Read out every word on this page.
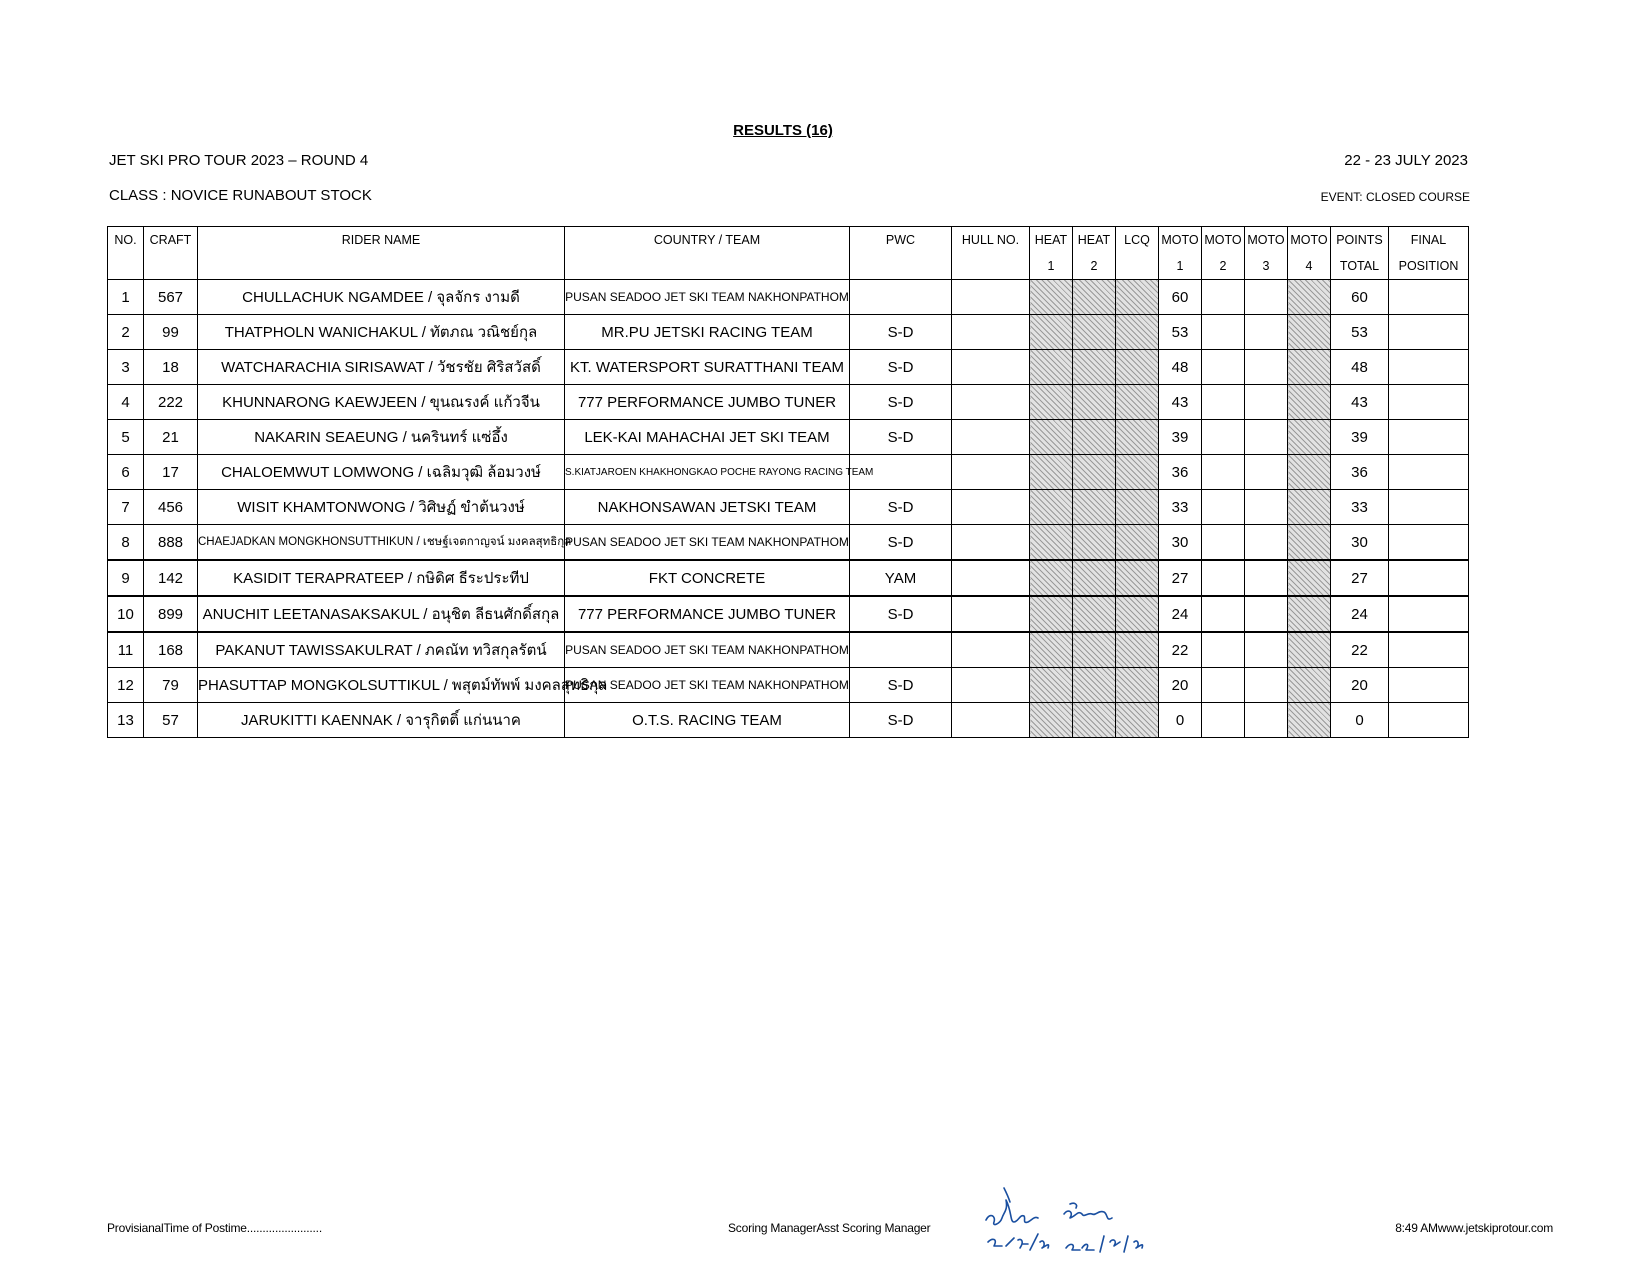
RESULTS (16)
JET SKI PRO TOUR 2023 – ROUND 4	22 - 23 JULY 2023
CLASS : NOVICE RUNABOUT STOCK	EVENT: CLOSED COURSE
NO.	CRAFT	RIDER NAME	COUNTRY / TEAM	PWC	HULL NO.	HEAT	HEAT	LCQ	MOTO	MOTO	MOTO	MOTO	POINTS	FINAL
						1	2		1	2	3	4	TOTAL	POSITION
1	567	CHULLACHUK NGAMDEE / จุลจักร งามดี	PUSAN SEADOO JET SKI TEAM NAKHONPATHOM						60				60	
2	99	THATPHOLN WANICHAKUL / ทัตภณ วณิชย์กุล	MR.PU JETSKI RACING TEAM	S-D					53				53	
3	18	WATCHARACHIA SIRISAWAT / วัชรชัย ศิริสวัสดิ์	KT. WATERSPORT SURATTHANI TEAM	S-D					48				48	
4	222	KHUNNARONG KAEWJEEN / ขุนณรงค์ แก้วจีน	777 PERFORMANCE JUMBO TUNER	S-D					43				43	
5	21	NAKARIN SEAEUNG / นครินทร์ แซ่อึ้ง	LEK-KAI MAHACHAI JET SKI TEAM	S-D					39				39	
6	17	CHALOEMWUT LOMWONG / เฉลิมวุฒิ ล้อมวงษ์	S.KIATJAROEN KHAKHONGKAO POCHE RAYONG RACING TEAM						36				36	
7	456	WISIT KHAMTONWONG / วิศิษฏ์ ขำต้นวงษ์	NAKHONSAWAN JETSKI TEAM	S-D					33				33	
8	888	CHAEJADKAN MONGKHONSUTTHIKUN / เชษฐ์เจตกาญจน์ มงคลสุทธิกุล	PUSAN SEADOO JET SKI TEAM NAKHONPATHOM	S-D					30				30	
9	142	KASIDIT TERAPRATEEP / กษิดิศ ธีระประทีป	FKT CONCRETE	YAM					27				27	
10	899	ANUCHIT LEETANASAKSAKUL / อนุชิต ลีธนศักดิ์สกุล	777 PERFORMANCE JUMBO TUNER	S-D					24				24	
11	168	PAKANUT TAWISSAKULRAT / ภคณัท ทวิสกุลรัตน์	PUSAN SEADOO JET SKI TEAM NAKHONPATHOM						22				22	
12	79	PHASUTTAP MONGKOLSUTTIKUL / พสุตม์ทัพพ์ มงคลสุทธิกุล	PUSAN SEADOO JET SKI TEAM NAKHONPATHOM	S-D					20				20	
13	57	JARUKITTI KAENNAK / จารุกิตติ์ แก่นนาค	O.T.S. RACING TEAM	S-D					0				0	
ProvisianalTime of Postime........................	Scoring ManagerAsst Scoring Manager	8:49 AMwww.jetskiprotour.com
